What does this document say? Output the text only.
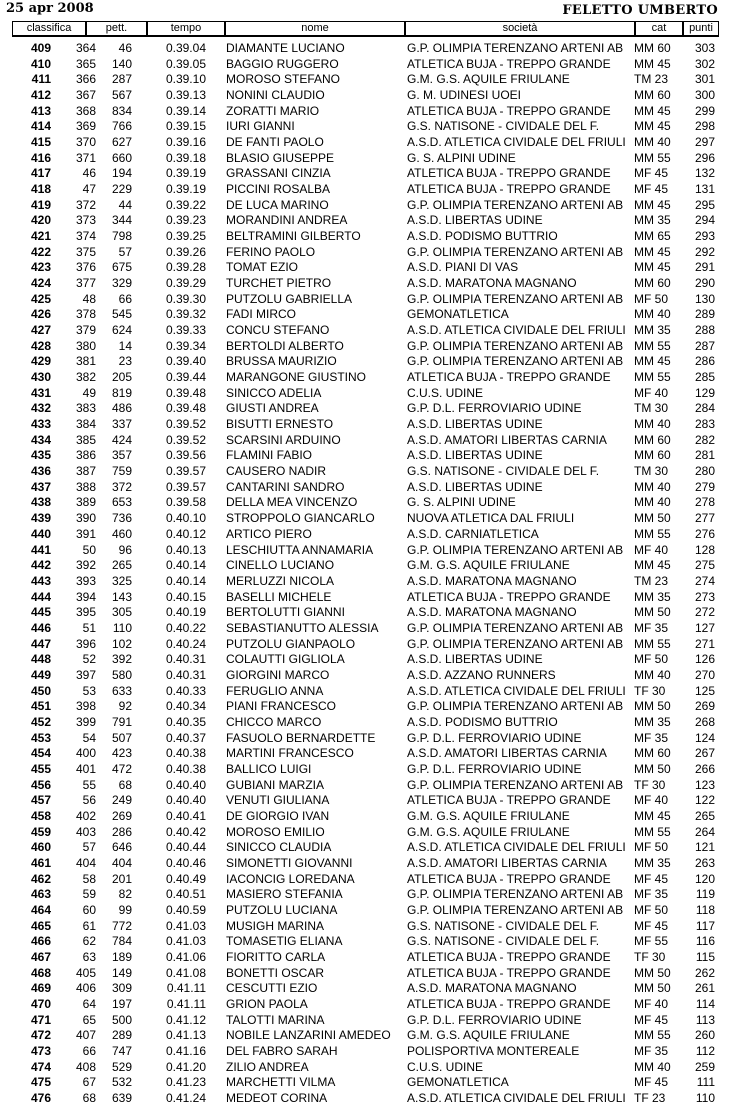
25 apr 2008	FELETTO UMBERTO
classifica	pett.	tempo	nome	società	cat	punti
409	364	46	0.39.04 DIAMANTE LUCIANO	G.P. OLIMPIA TERENZANO ARTENI AB MM 60	303
410	365	140	0.39.05 BAGGIO RUGGERO	ATLETICA BUJA - TREPPO GRANDE	MM 45	302
411	366	287	0.39.10 MOROSO STEFANO	G.M. G.S. AQUILE FRIULANE	TM 23	301
412	367	567	0.39.13 NONINI CLAUDIO	G. M. UDINESI UOEI	MM 60	300
413	368	834	0.39.14 ZORATTI MARIO	ATLETICA BUJA - TREPPO GRANDE	MM 45	299
414	369	766	0.39.15 IURI GIANNI	G.S. NATISONE - CIVIDALE DEL F.	MM 45	298
415	370	627	0.39.16 DE FANTI PAOLO	A.S.D. ATLETICA CIVIDALE DEL FRIULI MM 40	297
416	371	660	0.39.18 BLASIO GIUSEPPE	G. S. ALPINI UDINE	MM 55	296
417	46	194	0.39.19 GRASSANI CINZIA	ATLETICA BUJA - TREPPO GRANDE	MF 45	132
418	47	229	0.39.19 PICCINI ROSALBA	ATLETICA BUJA - TREPPO GRANDE	MF 45	131
419	372	44	0.39.22 DE LUCA MARINO	G.P. OLIMPIA TERENZANO ARTENI AB MM 45	295
420	373	344	0.39.23 MORANDINI ANDREA	A.S.D. LIBERTAS UDINE	MM 35	294
421	374	798	0.39.25 BELTRAMINI GILBERTO	A.S.D. PODISMO BUTTRIO	MM 65	293
422	375	57	0.39.26 FERINO PAOLO	G.P. OLIMPIA TERENZANO ARTENI AB MM 45	292
423	376	675	0.39.28 TOMAT EZIO	A.S.D. PIANI DI VAS	MM 45	291
424	377	329	0.39.29 TURCHET PIETRO	A.S.D. MARATONA MAGNANO	MM 60	290
425	48	66	0.39.30 PUTZOLU GABRIELLA	G.P. OLIMPIA TERENZANO ARTENI AB MF 50	130
426	378	545	0.39.32 FADI MIRCO	GEMONATLETICA	MM 40	289
427	379	624	0.39.33 CONCU STEFANO	A.S.D. ATLETICA CIVIDALE DEL FRIULI MM 35	288
428	380	14	0.39.34 BERTOLDI ALBERTO	G.P. OLIMPIA TERENZANO ARTENI AB MM 55	287
429	381	23	0.39.40 BRUSSA MAURIZIO	G.P. OLIMPIA TERENZANO ARTENI AB MM 45	286
430	382	205	0.39.44 MARANGONE GIUSTINO	ATLETICA BUJA - TREPPO GRANDE	MM 55	285
431	49	819	0.39.48 SINICCO ADELIA	C.U.S. UDINE	MF 40	129
432	383	486	0.39.48 GIUSTI ANDREA	G.P. D.L. FERROVIARIO UDINE	TM 30	284
433	384	337	0.39.52 BISUTTI ERNESTO	A.S.D. LIBERTAS UDINE	MM 40	283
434	385	424	0.39.52 SCARSINI ARDUINO	A.S.D. AMATORI LIBERTAS CARNIA	MM 60	282
435	386	357	0.39.56 FLAMINI FABIO	A.S.D. LIBERTAS UDINE	MM 60	281
436	387	759	0.39.57 CAUSERO NADIR	G.S. NATISONE - CIVIDALE DEL F.	TM 30	280
437	388	372	0.39.57 CANTARINI SANDRO	A.S.D. LIBERTAS UDINE	MM 40	279
438	389	653	0.39.58 DELLA MEA VINCENZO	G. S. ALPINI UDINE	MM 40	278
439	390	736	0.40.10 STROPPOLO GIANCARLO	NUOVA ATLETICA DAL FRIULI	MM 50	277
440	391	460	0.40.12 ARTICO PIERO	A.S.D. CARNIATLETICA	MM 55	276
441	50	96	0.40.13 LESCHIUTTA ANNAMARIA	G.P. OLIMPIA TERENZANO ARTENI AB MF 40	128
442	392	265	0.40.14 CINELLO LUCIANO	G.M. G.S. AQUILE FRIULANE	MM 45	275
443	393	325	0.40.14 MERLUZZI NICOLA	A.S.D. MARATONA MAGNANO	TM 23	274
444	394	143	0.40.15 BASELLI MICHELE	ATLETICA BUJA - TREPPO GRANDE	MM 35	273
445	395	305	0.40.19 BERTOLUTTI GIANNI	A.S.D. MARATONA MAGNANO	MM 50	272
446	51	110	0.40.22 SEBASTIANUTTO ALESSIA	G.P. OLIMPIA TERENZANO ARTENI AB MF 35	127
447	396	102	0.40.24 PUTZOLU GIANPAOLO	G.P. OLIMPIA TERENZANO ARTENI AB MM 55	271
448	52	392	0.40.31 COLAUTTI GIGLIOLA	A.S.D. LIBERTAS UDINE	MF 50	126
449	397	580	0.40.31 GIORGINI MARCO	A.S.D. AZZANO RUNNERS	MM 40	270
450	53	633	0.40.33 FERUGLIO ANNA	A.S.D. ATLETICA CIVIDALE DEL FRIULI TF 30	125
451	398	92	0.40.34 PIANI FRANCESCO	G.P. OLIMPIA TERENZANO ARTENI AB MM 50	269
452	399	791	0.40.35 CHICCO MARCO	A.S.D. PODISMO BUTTRIO	MM 35	268
453	54	507	0.40.37 FASUOLO BERNARDETTE	G.P. D.L. FERROVIARIO UDINE	MF 35	124
454	400	423	0.40.38 MARTINI FRANCESCO	A.S.D. AMATORI LIBERTAS CARNIA	MM 60	267
455	401	472	0.40.38 BALLICO LUIGI	G.P. D.L. FERROVIARIO UDINE	MM 50	266
456	55	68	0.40.40 GUBIANI MARZIA	G.P. OLIMPIA TERENZANO ARTENI AB TF 30	123
457	56	249	0.40.40 VENUTI GIULIANA	ATLETICA BUJA - TREPPO GRANDE	MF 40	122
458	402	269	0.40.41 DE GIORGIO IVAN	G.M. G.S. AQUILE FRIULANE	MM 45	265
459	403	286	0.40.42 MOROSO EMILIO	G.M. G.S. AQUILE FRIULANE	MM 55	264
460	57	646	0.40.44 SINICCO CLAUDIA	A.S.D. ATLETICA CIVIDALE DEL FRIULI MF 50	121
461	404	404	0.40.46 SIMONETTI GIOVANNI	A.S.D. AMATORI LIBERTAS CARNIA	MM 35	263
462	58	201	0.40.49 IACONCIG LOREDANA	ATLETICA BUJA - TREPPO GRANDE	MF 45	120
463	59	82	0.40.51 MASIERO STEFANIA	G.P. OLIMPIA TERENZANO ARTENI AB MF 35	119
464	60	99	0.40.59 PUTZOLU LUCIANA	G.P. OLIMPIA TERENZANO ARTENI AB MF 50	118
465	61	772	0.41.03 MUSIGH MARINA	G.S. NATISONE - CIVIDALE DEL F.	MF 45	117
466	62	784	0.41.03 TOMASETIG ELIANA	G.S. NATISONE - CIVIDALE DEL F.	MF 55	116
467	63	189	0.41.06 FIORITTO CARLA	ATLETICA BUJA - TREPPO GRANDE	TF 30	115
468	405	149	0.41.08 BONETTI OSCAR	ATLETICA BUJA - TREPPO GRANDE	MM 50	262
469	406	309	0.41.11 CESCUTTI EZIO	A.S.D. MARATONA MAGNANO	MM 50	261
470	64	197	0.41.11 GRION PAOLA	ATLETICA BUJA - TREPPO GRANDE	MF 40	114
471	65	500	0.41.12 TALOTTI MARINA	G.P. D.L. FERROVIARIO UDINE	MF 45	113
472	407	289	0.41.13 NOBILE LANZARINI AMEDEO	G.M. G.S. AQUILE FRIULANE	MM 55	260
473	66	747	0.41.16 DEL FABRO SARAH	POLISPORTIVA MONTEREALE	MF 35	112
474	408	529	0.41.20 ZILIO ANDREA	C.U.S. UDINE	MM 40	259
475	67	532	0.41.23 MARCHETTI VILMA	GEMONATLETICA	MF 45	111
476	68	639	0.41.24 MEDEOT CORINA	A.S.D. ATLETICA CIVIDALE DEL FRIULI TF 23	110
